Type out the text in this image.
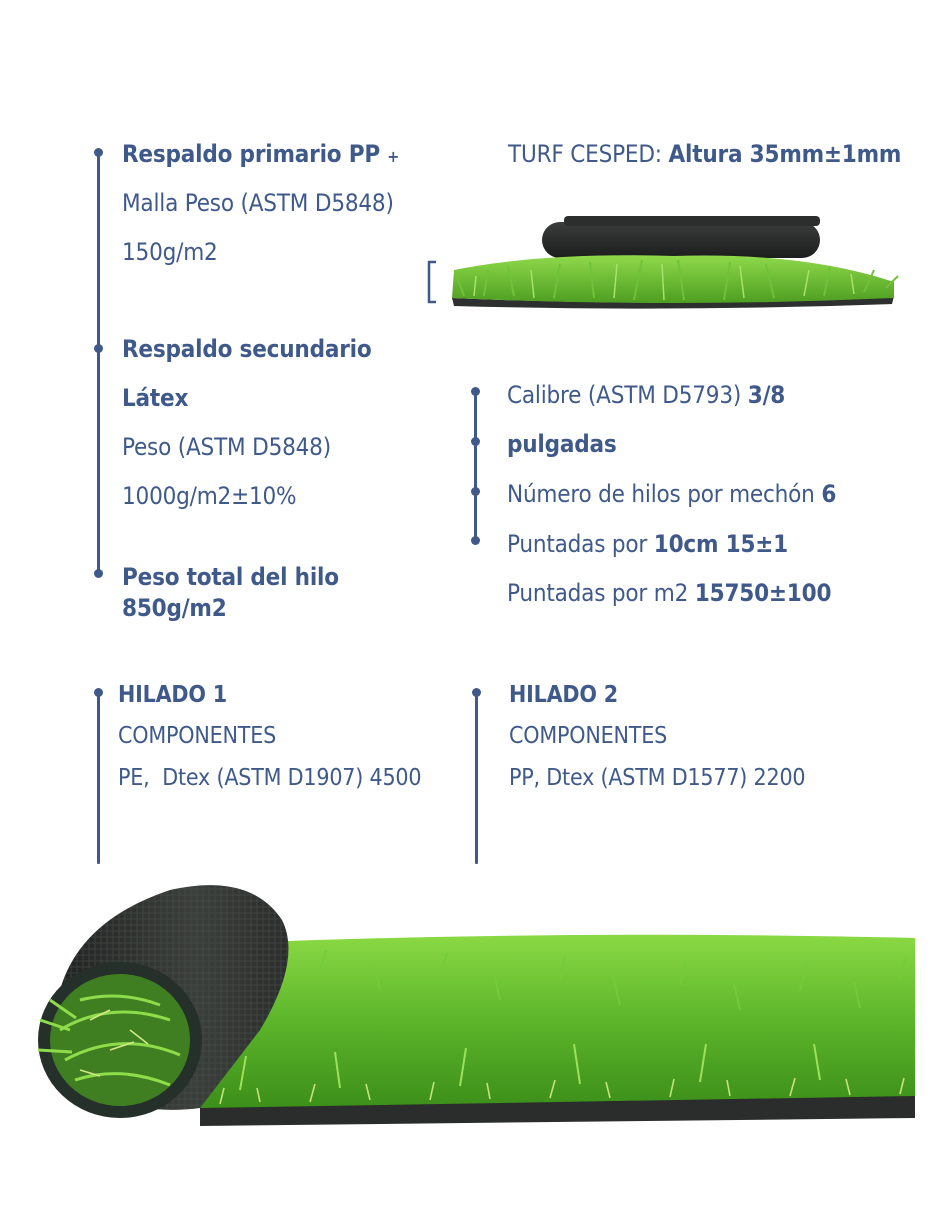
Respaldo primario PP +
Malla Peso (ASTM D5848)
150g/m2
Respaldo secundario
Látex
Peso (ASTM D5848)
1000g/m2±10%
Peso total del hilo
850g/m2
TURF CESPED: Altura 35mm±1mm
Calibre (ASTM D5793) 3/8
pulgadas
Número de hilos por mechón 6
Puntadas por 10cm 15±1
Puntadas por m2 15750±100
HILADO 1
COMPONENTES
PE,  Dtex (ASTM D1907) 4500
HILADO 2
COMPONENTES
PP, Dtex (ASTM D1577) 2200
